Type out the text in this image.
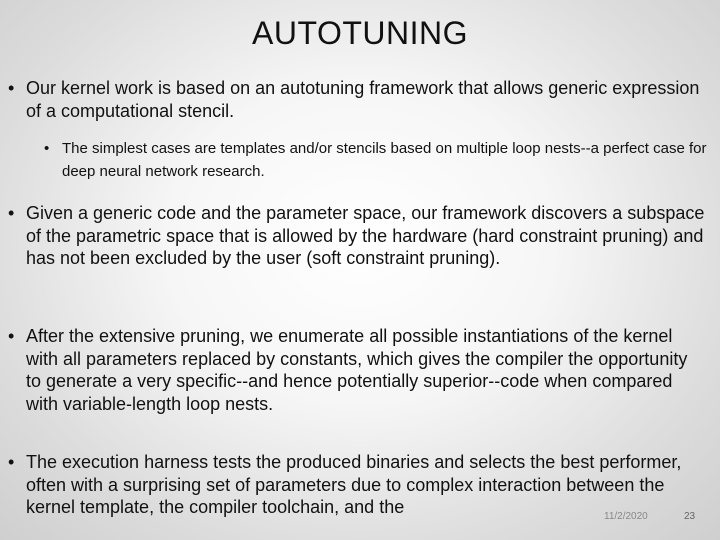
AUTOTUNING
• Our kernel work is based on an autotuning framework that allows generic expression of a computational stencil.
• The simplest cases are templates and/or stencils based on multiple loop nests--a perfect case for deep neural network research.
• Given a generic code and the parameter space, our framework discovers a subspace of the parametric space that is allowed by the hardware (hard constraint pruning) and has not been excluded by the user (soft constraint pruning).
• After the extensive pruning, we enumerate all possible instantiations of the kernel with all parameters replaced by constants, which gives the compiler the opportunity to generate a very specific--and hence potentially superior--code when compared with variable-length loop nests.
• The execution harness tests the produced binaries and selects the best performer, often with a surprising set of parameters due to complex interaction between the kernel template, the compiler toolchain, and the	11/2/2020	23
